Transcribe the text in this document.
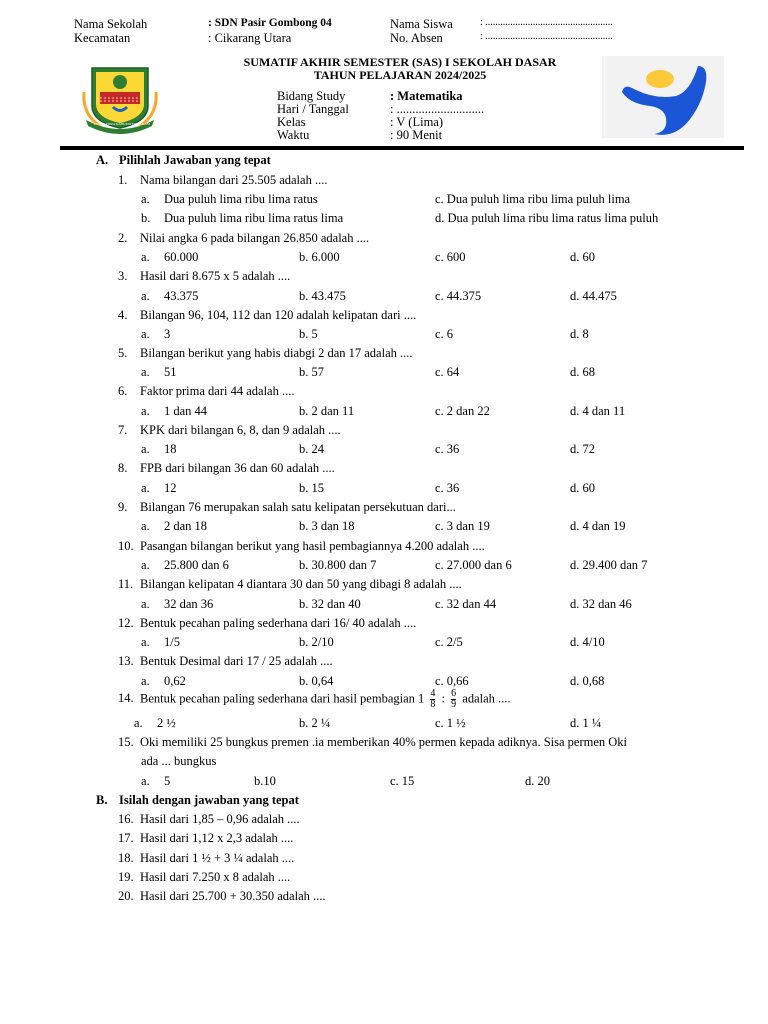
Nama Sekolah	: SDN Pasir Gombong 04
Kecamatan	: Cikarang Utara
Nama Siswa	: ...................................................
No. Absen	: ...................................................
DISDIKPORA KABUPATEN BEKASI
SUMATIF AKHIR SEMESTER (SAS) I SEKOLAH DASAR
TAHUN PELAJARAN 2024/2025
Bidang Study	: Matematika
Hari / Tanggal	: ............................
Kelas	: V (Lima)
Waktu	: 90 Menit
A. Pilihlah Jawaban yang tepat
1. Nama bilangan dari 25.505 adalah ....
a. Dua puluh lima ribu lima ratus
b. Dua puluh lima ribu lima ratus lima
c. Dua puluh lima ribu lima puluh lima
d. Dua puluh lima ribu lima ratus lima puluh
2. Nilai angka 6 pada bilangan 26.850 adalah ....
a. 60.000	b. 6.000	c. 600	d. 60
3. Hasil dari 8.675 x 5 adalah ....
a. 43.375	b. 43.475	c. 44.375	d. 44.475
4. Bilangan 96, 104, 112 dan 120 adalah kelipatan dari ....
a. 3	b. 5	c. 6	d. 8
5. Bilangan berikut yang habis diabgi 2 dan 17 adalah ....
a. 51	b. 57	c. 64	d. 68
6. Faktor prima dari 44 adalah ....
a. 1 dan 44	b. 2 dan 11	c. 2 dan 22	d. 4 dan 11
7. KPK dari bilangan 6, 8, dan 9 adalah ....
a. 18	b. 24	c. 36	d. 72
8. FPB dari bilangan 36 dan 60 adalah ....
a. 12	b. 15	c. 36	d. 60
9. Bilangan 76 merupakan salah satu kelipatan persekutuan dari...
a. 2 dan 18	b. 3 dan 18	c. 3 dan 19	d. 4 dan 19
10. Pasangan bilangan berikut yang hasil pembagiannya 4.200 adalah ....
a. 25.800 dan 6	b. 30.800 dan 7	c. 27.000 dan 6	d. 29.400 dan 7
11. Bilangan kelipatan 4 diantara 30 dan 50 yang dibagi 8 adalah ....
a. 32 dan 36	b. 32 dan 40	c. 32 dan 44	d. 32 dan 46
12. Bentuk pecahan paling sederhana dari 16/ 40 adalah ....
a. 1/5	b. 2/10	c. 2/5	d. 4/10
13. Bentuk Desimal dari 17 / 25 adalah ....
a. 0,62	b. 0,64	c. 0,66	d. 0,68
14. Bentuk pecahan paling sederhana dari hasil pembagian $1 \frac{4}{8}$ : $\frac{6}{9}$ adalah ....
a. 2 ½	b. 2 ¼	c. 1 ½	d. 1 ¼
15. Oki memiliki 25 bungkus premen .ia memberikan 40% permen kepada adiknya. Sisa permen Oki
ada ... bungkus
a. 5	b.10	c. 15	d. 20
B. Isilah dengan jawaban yang tepat
16. Hasil dari 1,85 – 0,96 adalah ....
17. Hasil dari 1,12 x 2,3 adalah ....
18. Hasil dari 1 ½ + 3 ¼ adalah ....
19. Hasil dari 7.250 x 8 adalah ....
20. Hasil dari 25.700 + 30.350 adalah ....
